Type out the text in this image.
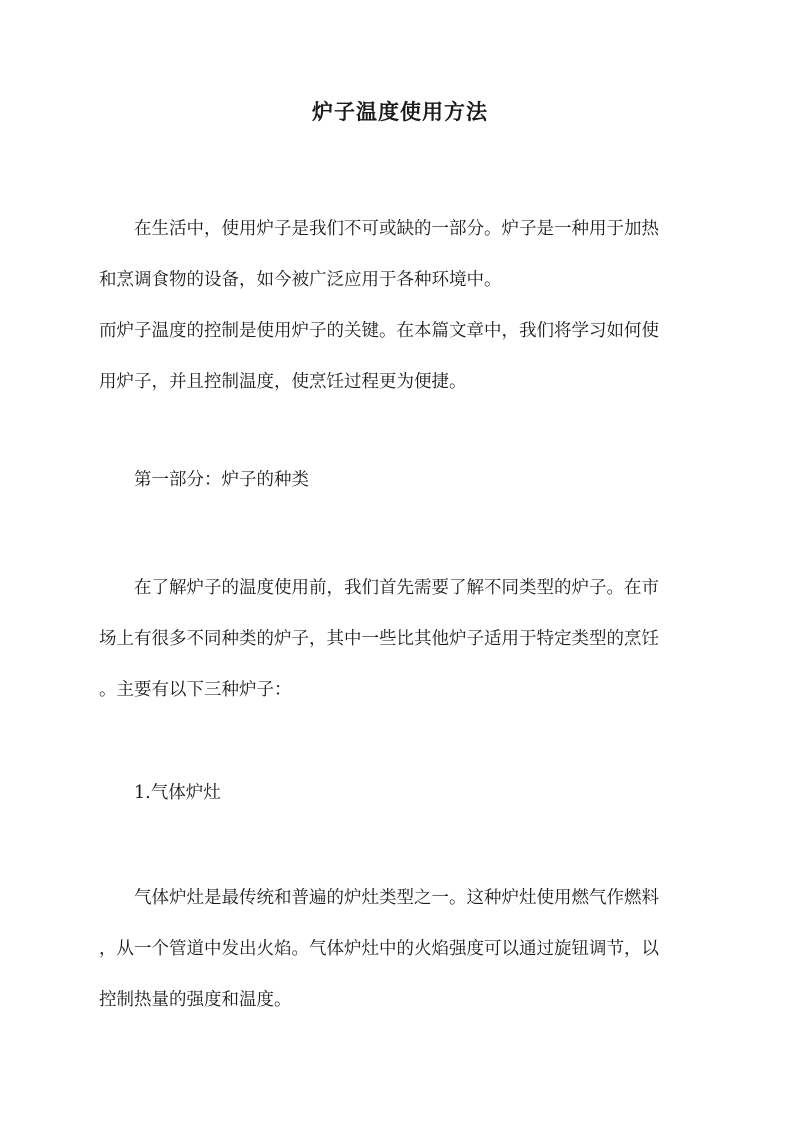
炉子温度使用方法
在生活中，使用炉子是我们不可或缺的一部分。炉子是一种用于加热
和烹调食物的设备，如今被广泛应用于各种环境中。
而炉子温度的控制是使用炉子的关键。在本篇文章中，我们将学习如何使
用炉子，并且控制温度，使烹饪过程更为便捷。
第一部分：炉子的种类
在了解炉子的温度使用前，我们首先需要了解不同类型的炉子。在市
场上有很多不同种类的炉子，其中一些比其他炉子适用于特定类型的烹饪
。主要有以下三种炉子：
1.气体炉灶
气体炉灶是最传统和普遍的炉灶类型之一。这种炉灶使用燃气作燃料
，从一个管道中发出火焰。气体炉灶中的火焰强度可以通过旋钮调节，以
控制热量的强度和温度。
